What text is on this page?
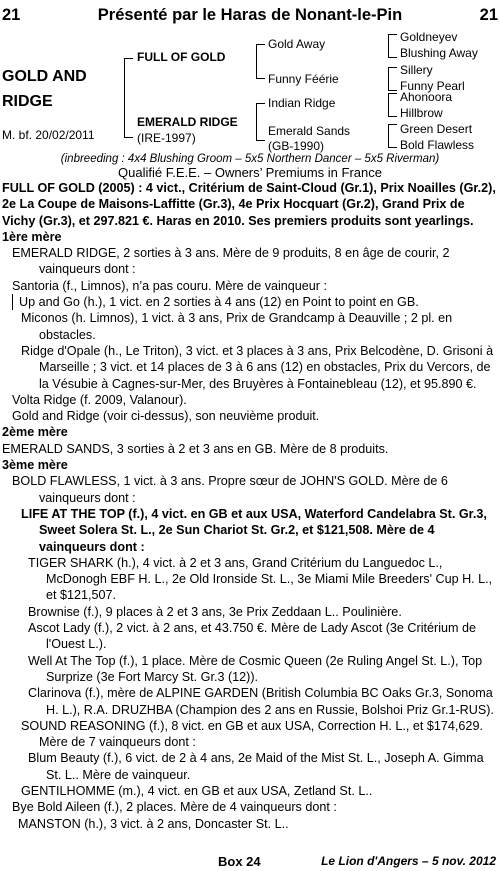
21	Présenté par le Haras de Nonant-le-Pin	21
GOLD AND
RIDGE
M. bf. 20/02/2011
FULL OF GOLD
EMERALD RIDGE
(IRE-1997)
Gold Away
Funny Féérie
Indian Ridge
Emerald Sands
(GB-1990)
Goldneyev
Blushing Away
Sillery
Funny Pearl
Ahonoora
Hillbrow
Green Desert
Bold Flawless
(inbreeding : 4x4 Blushing Groom – 5x5 Northern Dancer – 5x5 Riverman)
Qualifié F.E.E. – Owners’ Premiums in France

FULL OF GOLD (2005) : 4 vict., Critérium de Saint-Cloud (Gr.1), Prix Noailles (Gr.2), 2e La Coupe de Maisons-Laffitte (Gr.3), 4e Prix Hocquart (Gr.2), Grand Prix de Vichy (Gr.3), et 297.821 €. Haras en 2010. Ses premiers produits sont yearlings.

1ère mère

EMERALD RIDGE, 2 sorties à 3 ans. Mère de 9 produits, 8 en âge de courir, 2 vainqueurs dont :

Santoria (f., Limnos), n’a pas couru. Mère de vainqueur :

Up and Go (h.), 1 vict. en 2 sorties à 4 ans (12) en Point to point en GB.

Miconos (h. Limnos), 1 vict. à 3 ans, Prix de Grandcamp à Deauville ; 2 pl. en obstacles.

Ridge d'Opale (h., Le Triton), 3 vict. et 3 places à 3 ans, Prix Belcodène, D. Grisoni à Marseille ; 3 vict. et 14 places de 3 à 6 ans (12) en obstacles, Prix du Vercors, de la Vésubie à Cagnes-sur-Mer, des Bruyères à Fontainebleau (12), et 95.890 €.

Volta Ridge (f. 2009, Valanour).

Gold and Ridge (voir ci-dessus), son neuvième produit.

2ème mère

EMERALD SANDS, 3 sorties à 2 et 3 ans en GB. Mère de 8 produits.

3ème mère

BOLD FLAWLESS, 1 vict. à 3 ans. Propre sœur de JOHN'S GOLD. Mère de 6 vainqueurs dont :

LIFE AT THE TOP (f.), 4 vict. en GB et aux USA, Waterford Candelabra St. Gr.3, Sweet Solera St. L., 2e Sun Chariot St. Gr.2, et $121,508. Mère de 4 vainqueurs dont :

TIGER SHARK (h.), 4 vict. à 2 et 3 ans, Grand Critérium du Languedoc L., McDonogh EBF H. L., 2e Old Ironside St. L., 3e Miami Mile Breeders' Cup H. L., et $121,507.

Brownise (f.), 9 places à 2 et 3 ans, 3e Prix Zeddaan L.. Poulinière.

Ascot Lady (f.), 2 vict. à 2 ans, et 43.750 €. Mère de Lady Ascot (3e Critérium de l'Ouest L.).

Well At The Top (f.), 1 place. Mère de Cosmic Queen (2e Ruling Angel St. L.), Top Surprize (3e Fort Marcy St. Gr.3 (12)).

Clarinova (f.), mère de ALPINE GARDEN (British Columbia BC Oaks Gr.3, Sonoma H. L.), R.A. DRUZHBA (Champion des 2 ans en Russie, Bolshoi Priz Gr.1-RUS).

SOUND REASONING (f.), 8 vict. en GB et aux USA, Correction H. L., et $174,629. Mère de 7 vainqueurs dont :

Blum Beauty (f.), 6 vict. de 2 à 4 ans, 2e Maid of the Mist St. L., Joseph A. Gimma St. L.. Mère de vainqueur.

GENTILHOMME (m.), 4 vict. en GB et aux USA, Zetland St. L..

Bye Bold Aileen (f.), 2 places. Mère de 4 vainqueurs dont :

MANSTON (h.), 3 vict. à 2 ans, Doncaster St. L..

Box 24	Le Lion d'Angers – 5 nov. 2012
